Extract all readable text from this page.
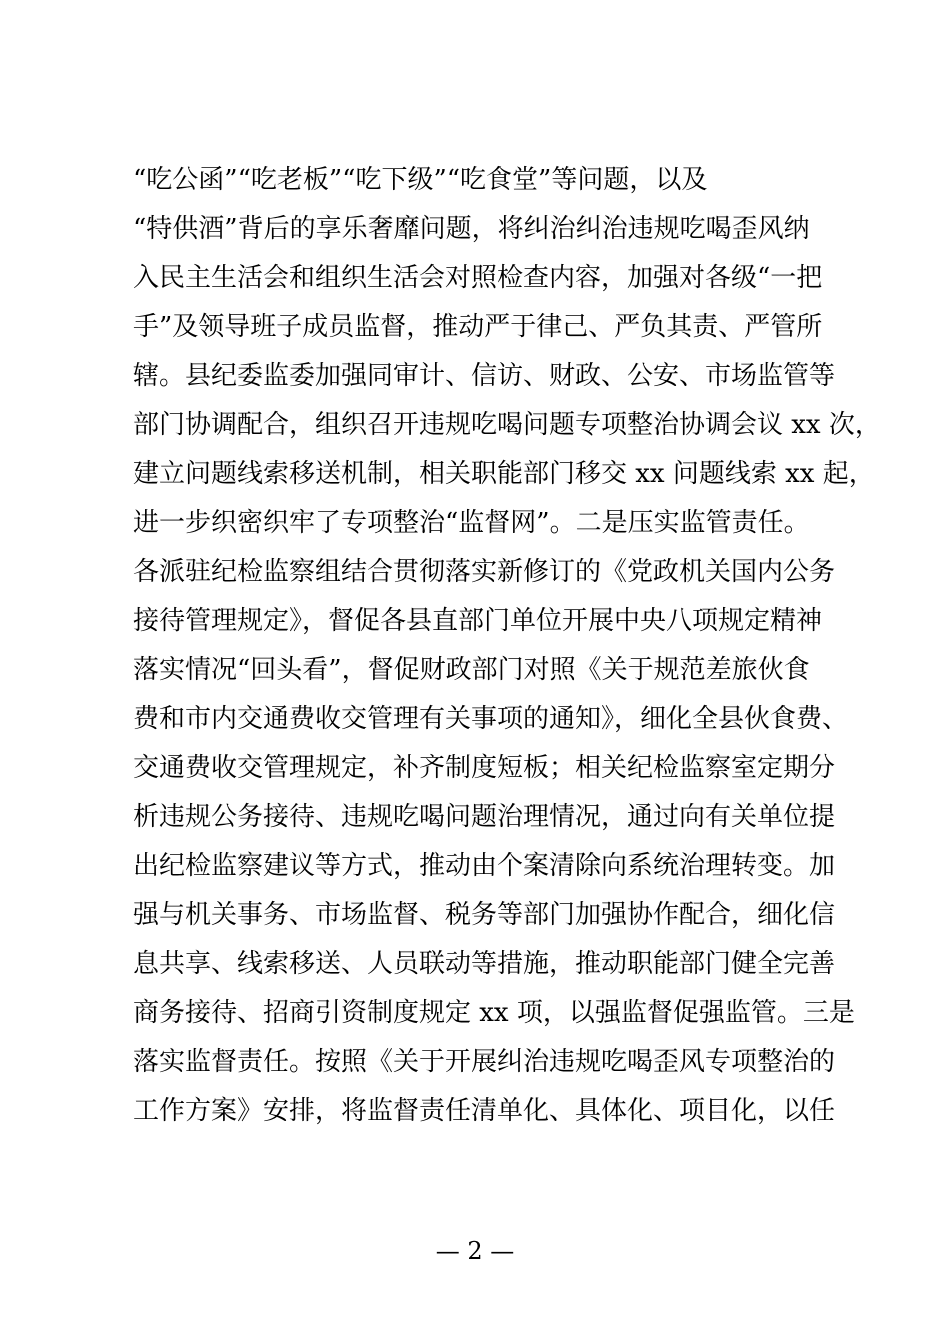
“吃公函”“吃老板”“吃下级”“吃食堂”等问题，以及
“特供酒”背后的享乐奢靡问题，将纠治纠治违规吃喝歪风纳
入民主生活会和组织生活会对照检查内容，加强对各级“一把
手”及领导班子成员监督，推动严于律己、严负其责、严管所
辖。县纪委监委加强同审计、信访、财政、公安、市场监管等
部门协调配合，组织召开违规吃喝问题专项整治协调会议 xx 次，
建立问题线索移送机制，相关职能部门移交 xx 问题线索 xx 起，
进一步织密织牢了专项整治“监督网”。二是压实监管责任。
各派驻纪检监察组结合贯彻落实新修订的《党政机关国内公务
接待管理规定》，督促各县直部门单位开展中央八项规定精神
落实情况“回头看”，督促财政部门对照《关于规范差旅伙食
费和市内交通费收交管理有关事项的通知》，细化全县伙食费、
交通费收交管理规定，补齐制度短板；相关纪检监察室定期分
析违规公务接待、违规吃喝问题治理情况，通过向有关单位提
出纪检监察建议等方式，推动由个案清除向系统治理转变。加
强与机关事务、市场监督、税务等部门加强协作配合，细化信
息共享、线索移送、人员联动等措施，推动职能部门健全完善
商务接待、招商引资制度规定 xx 项，以强监督促强监管。三是
落实监督责任。按照《关于开展纠治违规吃喝歪风专项整治的
工作方案》安排，将监督责任清单化、具体化、项目化，以任
— 2 —
